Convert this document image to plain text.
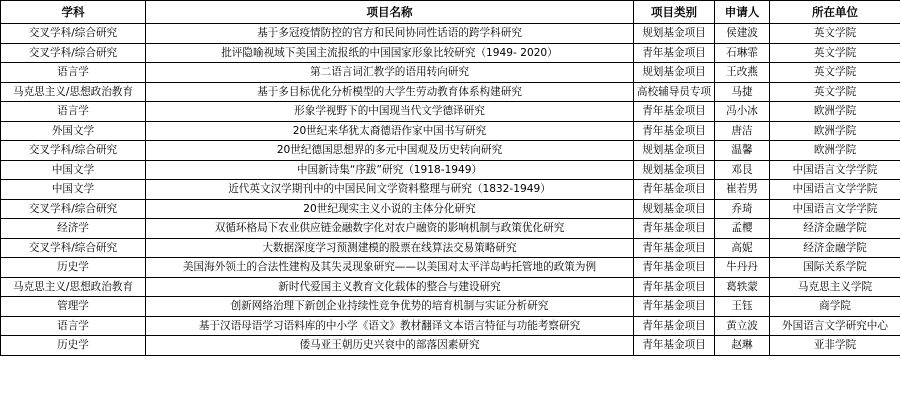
学科	项目名称	项目类别	申请人	所在单位
交叉学科/综合研究	基于多冠疫情防控的官方和民间协同性话语的跨学科研究	规划基金项目	侯建波	英文学院
交叉学科/综合研究	批评隐喻视域下美国主流报纸的中国国家形象比较研究（1949- 2020）	青年基金项目	石琳霏	英文学院
语言学	第二语言词汇教学的语用转向研究	规划基金项目	王改燕	英文学院
马克思主义/思想政治教育	基于多目标优化分析模型的大学生劳动教育体系构建研究	高校辅导员专项	马捷	英文学院
语言学	形象学视野下的中国现当代文学德译研究	青年基金项目	冯小冰	欧洲学院
外国文学	20世纪来华犹太裔德语作家中国书写研究	青年基金项目	唐洁	欧洲学院
交叉学科/综合研究	20世纪德国思想界的多元中国观及历史转向研究	规划基金项目	温馨	欧洲学院
中国文学	中国新诗集“序跋”研究（1918-1949）	规划基金项目	邓艮	中国语言文学学院
中国文学	近代英文汉学期刊中的中国民间文学资料整理与研究（1832-1949）	青年基金项目	崔若男	中国语言文学学院
交叉学科/综合研究	20世纪现实主义小说的主体分化研究	规划基金项目	乔琦	中国语言文学学院
经济学	双循环格局下农业供应链金融数字化对农户融资的影响机制与政策优化研究	青年基金项目	孟樱	经济金融学院
交叉学科/综合研究	大数据深度学习预测建模的股票在线算法交易策略研究	青年基金项目	高妮	经济金融学院
历史学	美国海外领土的合法性建构及其失灵现象研究——以美国对太平洋岛屿托管地的政策为例	青年基金项目	牛丹丹	国际关系学院
马克思主义/思想政治教育	新时代爱国主义教育文化载体的整合与建设研究	青年基金项目	葛轶蒙	马克思主义学院
管理学	创新网络治理下新创企业持续性竞争优势的培育机制与实证分析研究	青年基金项目	王钰	商学院
语言学	基于汉语母语学习语料库的中小学《语文》教材翻译文本语言特征与功能考察研究	青年基金项目	黄立波	外国语言文学研究中心
历史学	倭马亚王朝历史兴衰中的部落因素研究	青年基金项目	赵琳	亚非学院
